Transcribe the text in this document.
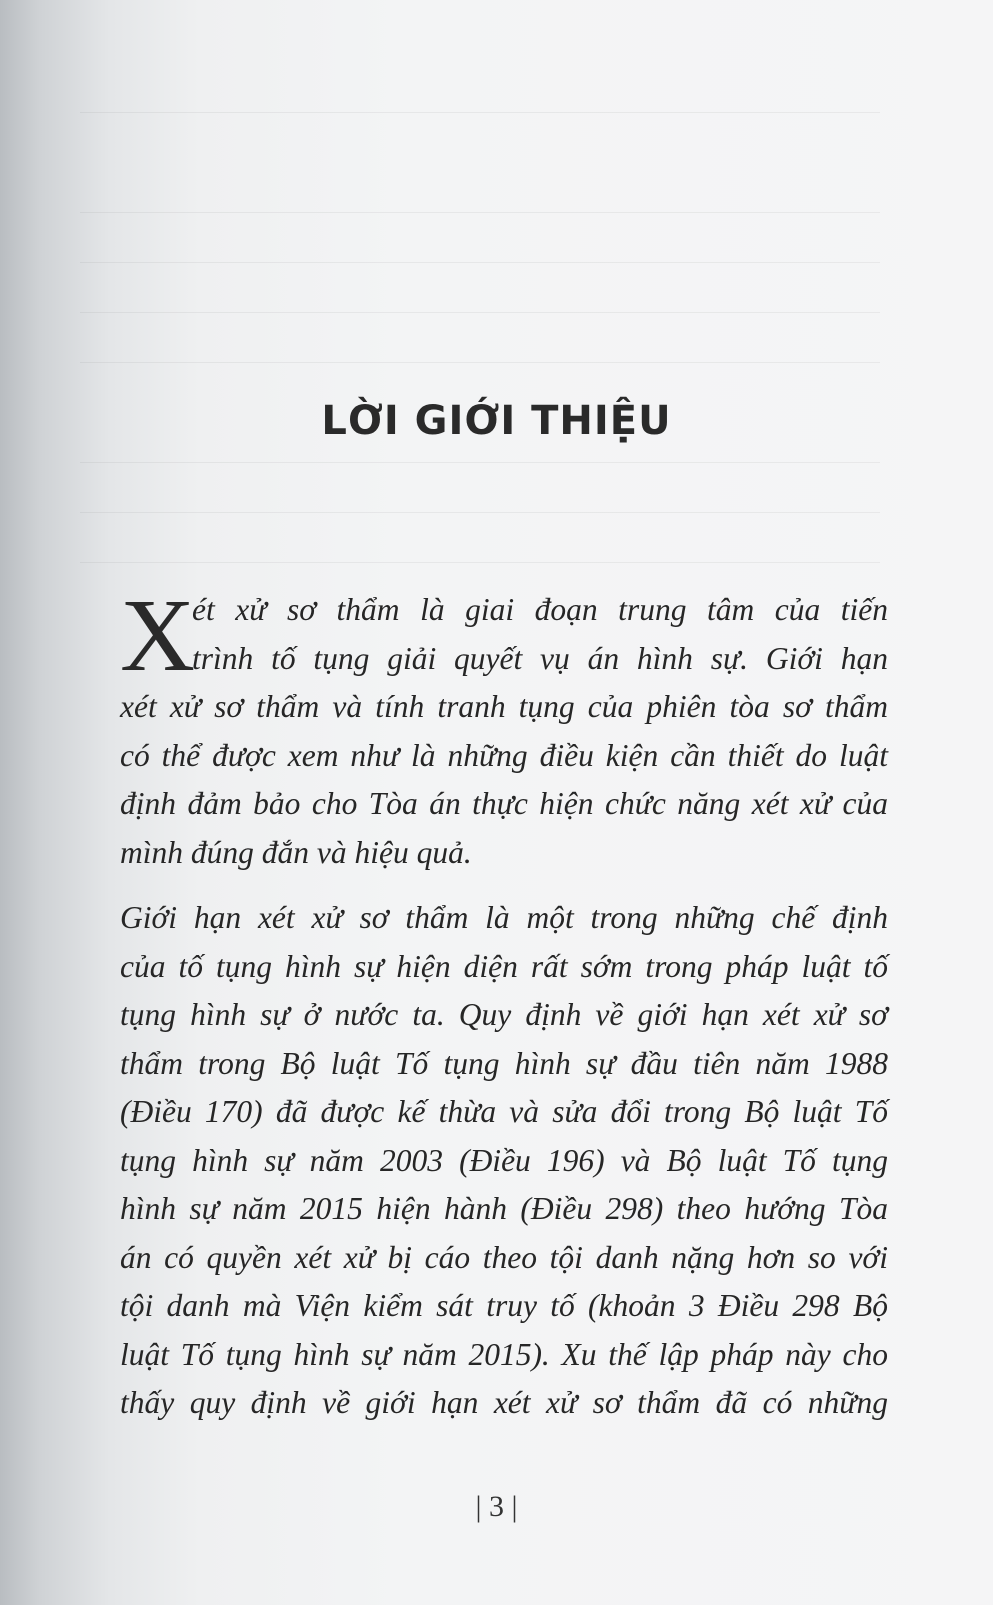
LỜI GIỚI THIỆU
X
ét xử sơ thẩm là giai đoạn trung tâm của tiến
trình tố tụng giải quyết vụ án hình sự. Giới hạn
xét xử sơ thẩm và tính tranh tụng của phiên tòa sơ thẩm
có thể được xem như là những điều kiện cần thiết do luật
định đảm bảo cho Tòa án thực hiện chức năng xét xử của
mình đúng đắn và hiệu quả.
Giới hạn xét xử sơ thẩm là một trong những chế định
của tố tụng hình sự hiện diện rất sớm trong pháp luật tố
tụng hình sự ở nước ta. Quy định về giới hạn xét xử sơ
thẩm trong Bộ luật Tố tụng hình sự đầu tiên năm 1988
(Điều 170) đã được kế thừa và sửa đổi trong Bộ luật Tố
tụng hình sự năm 2003 (Điều 196) và Bộ luật Tố tụng
hình sự năm 2015 hiện hành (Điều 298) theo hướng Tòa
án có quyền xét xử bị cáo theo tội danh nặng hơn so với
tội danh mà Viện kiểm sát truy tố (khoản 3 Điều 298 Bộ
luật Tố tụng hình sự năm 2015). Xu thế lập pháp này cho
thấy quy định về giới hạn xét xử sơ thẩm đã có những
| 3 |
